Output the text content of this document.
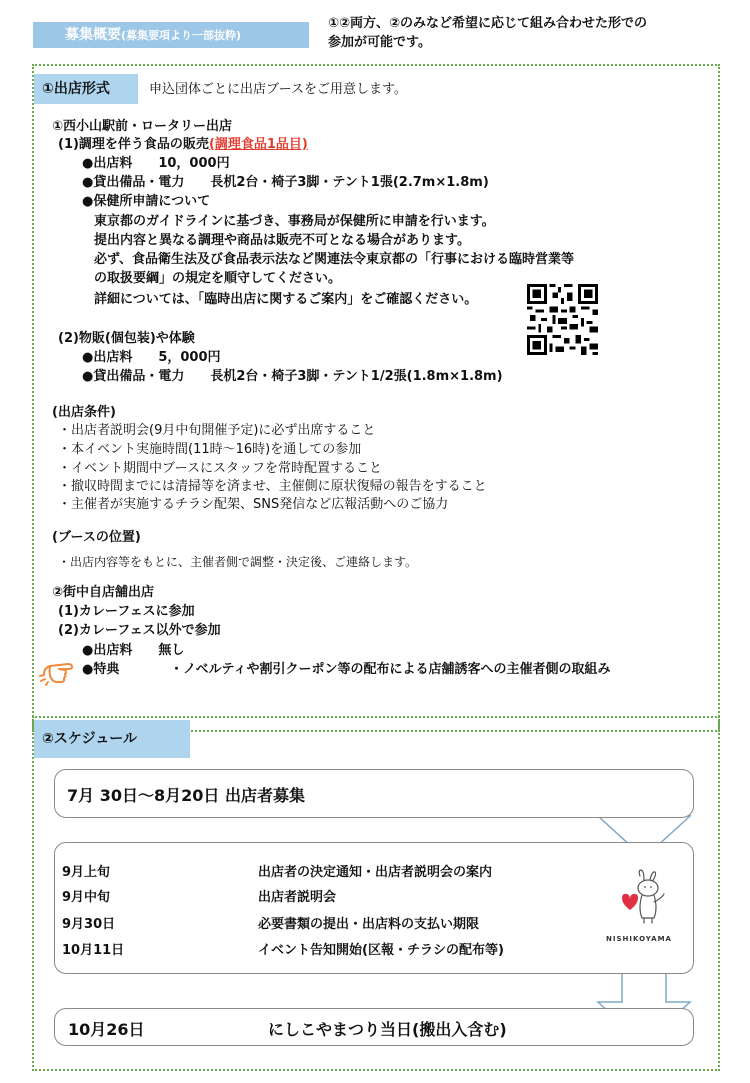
募集概要(募集要項より一部抜粋)
①②両方、②のみなど希望に応じて組み合わせた形での
参加が可能です。
①出店形式	申込団体ごとに出店ブースをご用意します。
①西小山駅前・ロータリー出店
(1)調理を伴う食品の販売(調理食品1品目)
●出店料　　10，000円
●貸出備品・電力　　長机2台・椅子3脚・テント1張(2.7m×1.8m)
●保健所申請について
東京都のガイドラインに基づき、事務局が保健所に申請を行います。
提出内容と異なる調理や商品は販売不可となる場合があります。
必ず、食品衛生法及び食品表示法など関連法令東京都の「行事における臨時営業等
の取扱要綱」の規定を順守してください。
詳細については、「臨時出店に関するご案内」をご確認ください。
(2)物販(個包装)や体験
●出店料　　5，000円
●貸出備品・電力　　長机2台・椅子3脚・テント1/2張(1.8m×1.8m)
(出店条件)
・出店者説明会(9月中旬開催予定)に必ず出席すること
・本イベント実施時間(11時～16時)を通しての参加
・イベント期間中ブースにスタッフを常時配置すること
・撤収時間までには清掃等を済ませ、主催側に原状復帰の報告をすること
・主催者が実施するチラシ配架、SNS発信など広報活動へのご協力
(ブースの位置)
・出店内容等をもとに、主催者側で調整・決定後、ご連絡します。
②街中自店舗出店
(1)カレーフェスに参加
(2)カレーフェス以外で参加
●出店料　　無し
●特典	・ノベルティや割引クーポン等の配布による店舗誘客への主催者側の取組み
②スケジュール
7月 30日～8月20日 出店者募集
9月上旬	出店者の決定通知・出店者説明会の案内
9月中旬	出店者説明会
9月30日	必要書類の提出・出店料の支払い期限
10月11日	イベント告知開始(区報・チラシの配布等)
NISHIKOYAMA
10月26日	にしこやまつり当日(搬出入含む)
